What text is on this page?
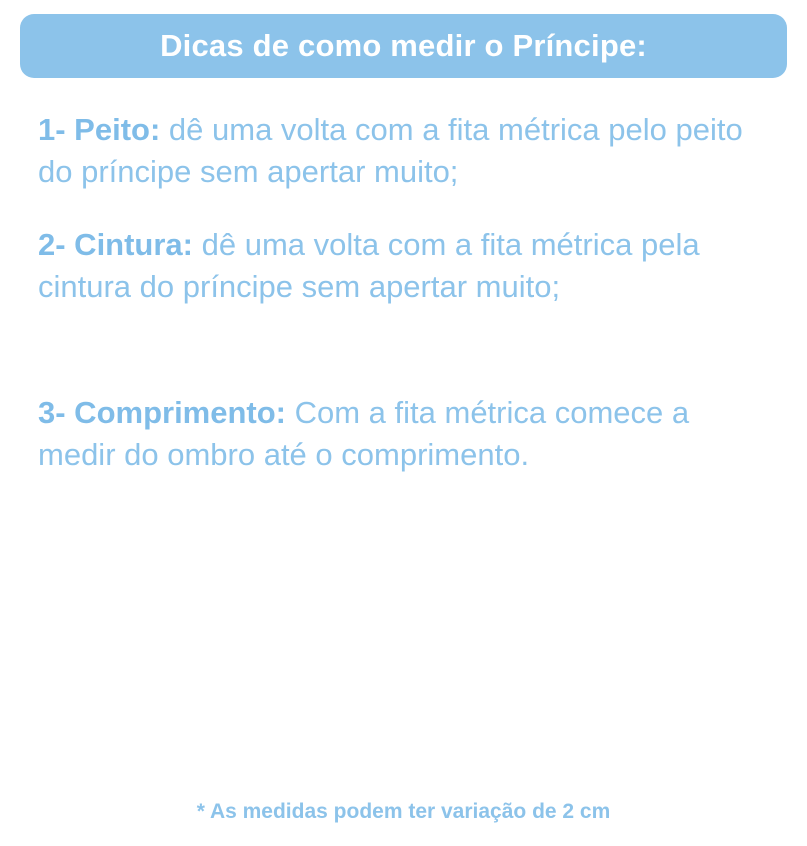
Dicas de como medir o Príncipe:

1- Peito: dê uma volta com a fita métrica pelo peito do príncipe sem apertar muito;

2- Cintura: dê uma volta com a fita métrica pela cintura do príncipe sem apertar muito;

3- Comprimento: Com a fita métrica comece a medir do ombro até o comprimento.

* As medidas podem ter variação de 2 cm
